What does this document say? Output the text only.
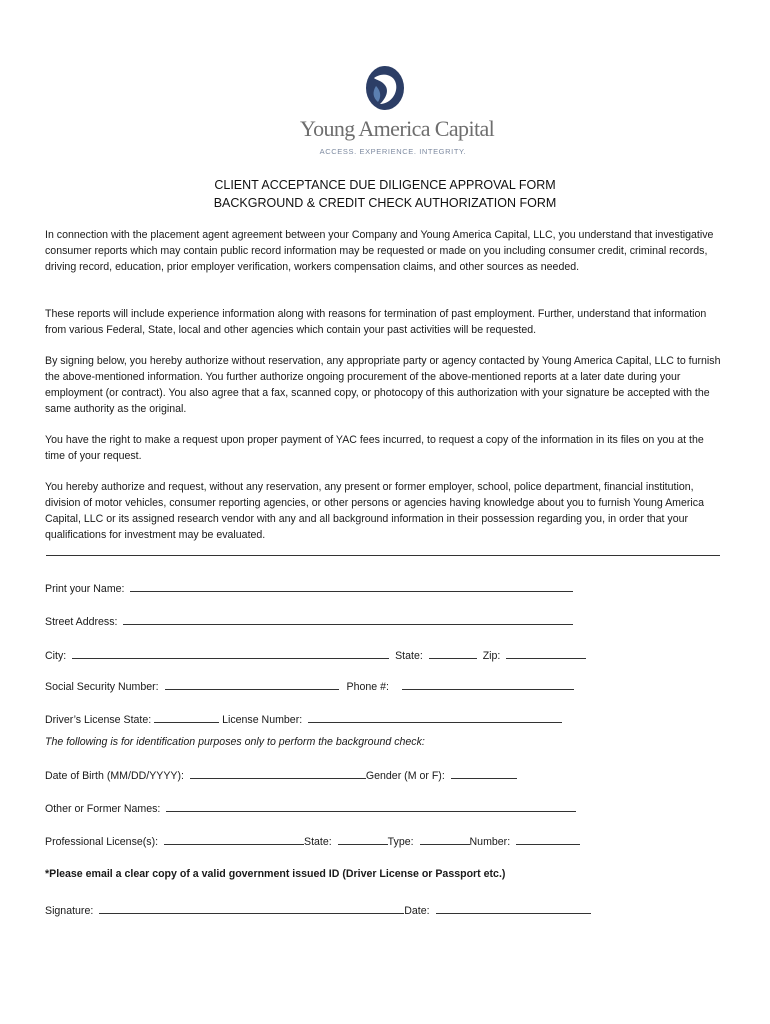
Young America Capital
ACCESS. EXPERIENCE. INTEGRITY.
CLIENT ACCEPTANCE DUE DILIGENCE APPROVAL FORM
BACKGROUND & CREDIT CHECK AUTHORIZATION FORM

In connection with the placement agent agreement between your Company and Young America Capital, LLC, you understand that investigative consumer reports which may contain public record information may be requested or made on you including consumer credit, criminal records, driving record, education, prior employer verification, workers compensation claims, and other sources as needed.

These reports will include experience information along with reasons for termination of past employment. Further, understand that information from various Federal, State, local and other agencies which contain your past activities will be requested.

By signing below, you hereby authorize without reservation, any appropriate party or agency contacted by Young America Capital, LLC to furnish the above-mentioned information. You further authorize ongoing procurement of the above-mentioned reports at a later date during your employment (or contract). You also agree that a fax, scanned copy, or photocopy of this authorization with your signature be accepted with the same authority as the original.

You have the right to make a request upon proper payment of YAC fees incurred, to request a copy of the information in its files on you at the time of your request.

You hereby authorize and request, without any reservation, any present or former employer, school, police department, financial institution, division of motor vehicles, consumer reporting agencies, or other persons or agencies having knowledge about you to furnish Young America Capital, LLC or its assigned research vendor with any and all background information in their possession regarding you, in order that your qualifications for investment may be evaluated.

Print your Name:
Street Address:
City:	State:	Zip:
Social Security Number:	Phone #:
Driver’s License State:	License Number:
The following is for identification purposes only to perform the background check:
Date of Birth (MM/DD/YYYY):	Gender (M or F):
Other or Former Names:
Professional License(s):	State:	Type:	Number:
*Please email a clear copy of a valid government issued ID (Driver License or Passport etc.)
Signature:	Date:
